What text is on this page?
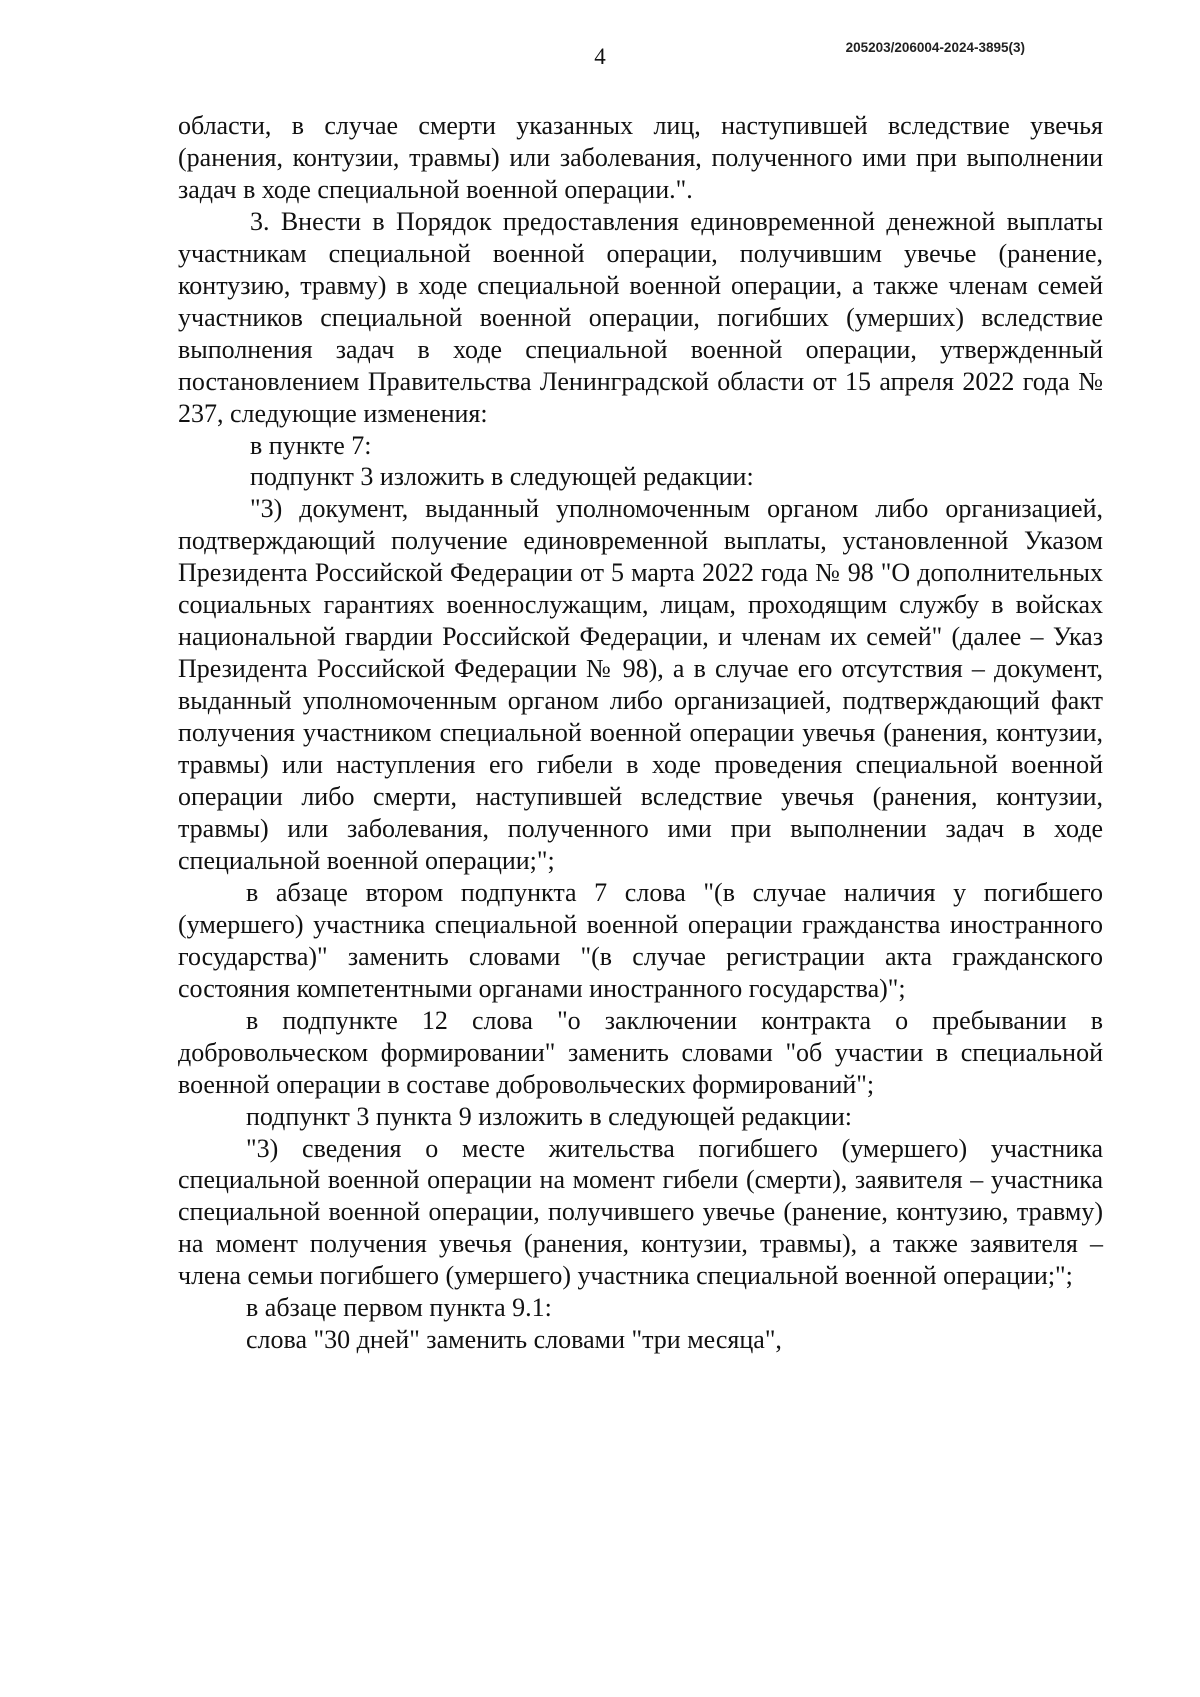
4	205203/206004-2024-3895(3)

области, в случае смерти указанных лиц, наступившей вследствие увечья (ранения, контузии, травмы) или заболевания, полученного ими при выполнении задач в ходе специальной военной операции.".

3. Внести в Порядок предоставления единовременной денежной выплаты участникам специальной военной операции, получившим увечье (ранение, контузию, травму) в ходе специальной военной операции, а также членам семей участников специальной военной операции, погибших (умерших) вследствие выполнения задач в ходе специальной военной операции, утвержденный постановлением Правительства Ленинградской области от 15 апреля 2022 года № 237, следующие изменения:

в пункте 7:

подпункт 3 изложить в следующей редакции:

"3) документ, выданный уполномоченным органом либо организацией, подтверждающий получение единовременной выплаты, установленной Указом Президента Российской Федерации от 5 марта 2022 года № 98 "О дополнительных социальных гарантиях военнослужащим, лицам, проходящим службу в войсках национальной гвардии Российской Федерации, и членам их семей" (далее – Указ Президента Российской Федерации № 98), а в случае его отсутствия – документ, выданный уполномоченным органом либо организацией, подтверждающий факт получения участником специальной военной операции увечья (ранения, контузии, травмы) или наступления его гибели в ходе проведения специальной военной операции либо смерти, наступившей вследствие увечья (ранения, контузии, травмы) или заболевания, полученного ими при выполнении задач в ходе специальной военной операции;";

в абзаце втором подпункта 7 слова "(в случае наличия у погибшего (умершего) участника специальной военной операции гражданства иностранного государства)" заменить словами "(в случае регистрации акта гражданского состояния компетентными органами иностранного государства)";

в подпункте 12 слова "о заключении контракта о пребывании в добровольческом формировании" заменить словами "об участии в специальной военной операции в составе добровольческих формирований";

подпункт 3 пункта 9 изложить в следующей редакции:

"3) сведения о месте жительства погибшего (умершего) участника специальной военной операции на момент гибели (смерти), заявителя – участника специальной военной операции, получившего увечье (ранение, контузию, травму) на момент получения увечья (ранения, контузии, травмы), а также заявителя – члена семьи погибшего (умершего) участника специальной военной операции;";

в абзаце первом пункта 9.1:

слова "30 дней" заменить словами "три месяца",
